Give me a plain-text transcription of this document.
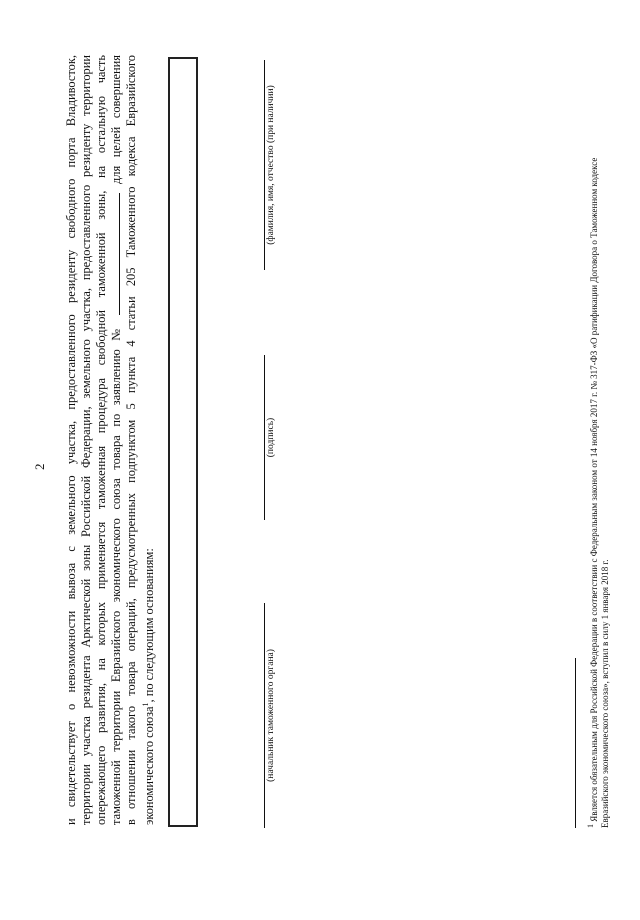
2 и свидетельствует о невозможности вывоза с земельного участка, предоставленного резиденту свободного порта Владивосток, территории участка резидента Арктической зоны Российской Федерации, земельного участка, предоставленного резиденту территории опережающего развития, на которых применяется таможенная процедура свободной таможенной зоны, на остальную часть таможенной территории Евразийского экономического союза товара по заявлению №  для целей совершения в отношении такого товара операций, предусмотренных подпунктом 5 пункта 4 статьи 205 Таможенного кодекса Евразийского экономического союза$^1$, по следующим основаниям:

(начальник таможенного органа)
(подпись)
(фамилия, имя, отчество (при наличии)
$^1$ Является обязательным для Российской Федерации в соответствии с Федеральным законом от 14 ноября 2017 г. № 317-ФЗ «О ратификации Договора о Таможенном кодексе Евразийского экономического союза», вступил в силу 1 января 2018 г.
